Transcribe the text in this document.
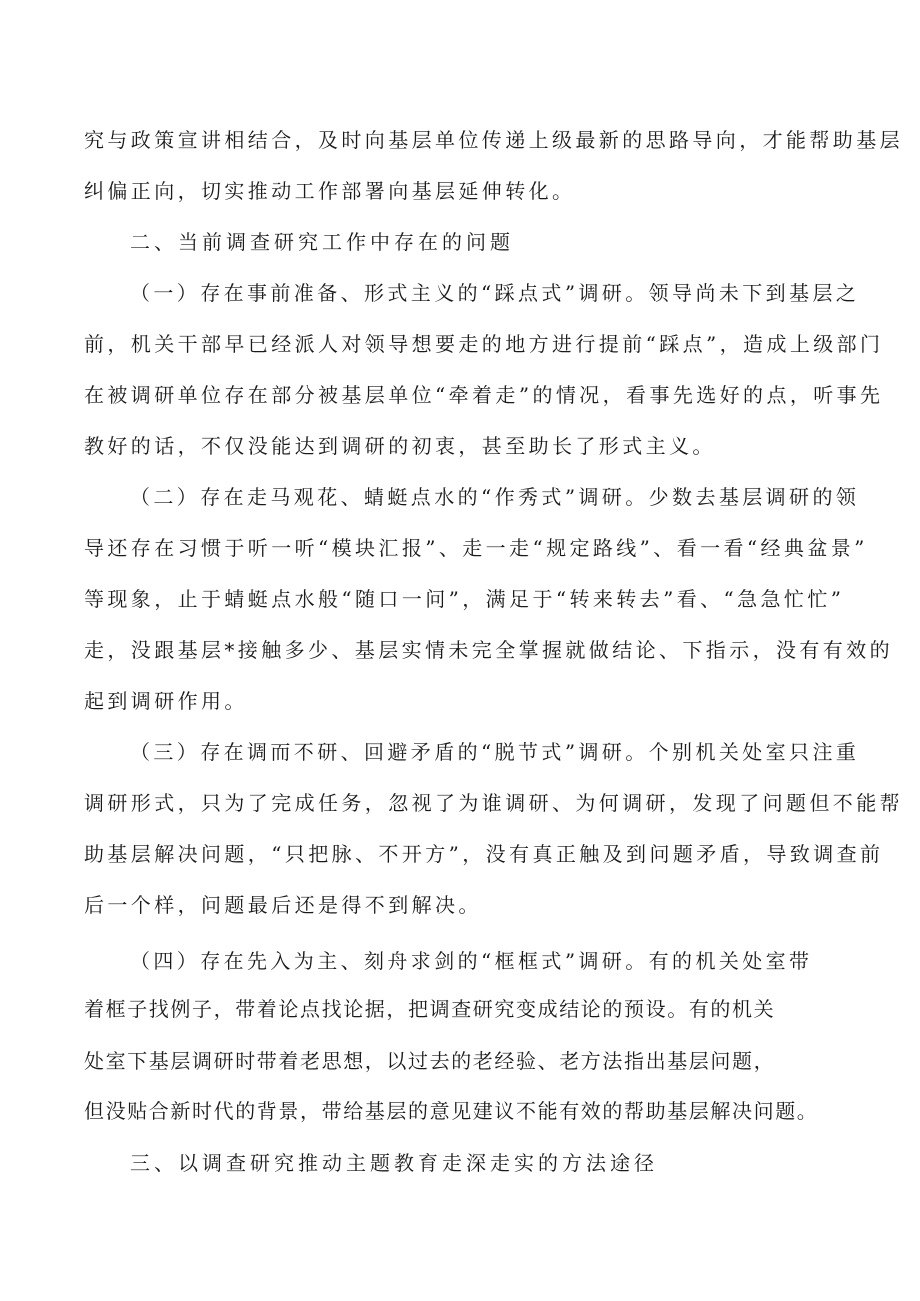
究与政策宣讲相结合，及时向基层单位传递上级最新的思路导向，才能帮助基层
纠偏正向，切实推动工作部署向基层延伸转化。
二、当前调查研究工作中存在的问题
（一）存在事前准备、形式主义的“踩点式”调研。领导尚未下到基层之
前，机关干部早已经派人对领导想要走的地方进行提前“踩点”，造成上级部门
在被调研单位存在部分被基层单位“牵着走”的情况，看事先选好的点，听事先
教好的话，不仅没能达到调研的初衷，甚至助长了形式主义。
（二）存在走马观花、蜻蜓点水的“作秀式”调研。少数去基层调研的领
导还存在习惯于听一听“模块汇报”、走一走“规定路线”、看一看“经典盆景”
等现象，止于蜻蜓点水般“随口一问”，满足于“转来转去”看、“急急忙忙”
走，没跟基层*接触多少、基层实情未完全掌握就做结论、下指示，没有有效的
起到调研作用。
（三）存在调而不研、回避矛盾的“脱节式”调研。个别机关处室只注重
调研形式，只为了完成任务，忽视了为谁调研、为何调研，发现了问题但不能帮
助基层解决问题，“只把脉、不开方”，没有真正触及到问题矛盾，导致调查前
后一个样，问题最后还是得不到解决。
（四）存在先入为主、刻舟求剑的“框框式”调研。有的机关处室带
着框子找例子，带着论点找论据，把调查研究变成结论的预设。有的机关
处室下基层调研时带着老思想，以过去的老经验、老方法指出基层问题，
但没贴合新时代的背景，带给基层的意见建议不能有效的帮助基层解决问题。
三、以调查研究推动主题教育走深走实的方法途径
